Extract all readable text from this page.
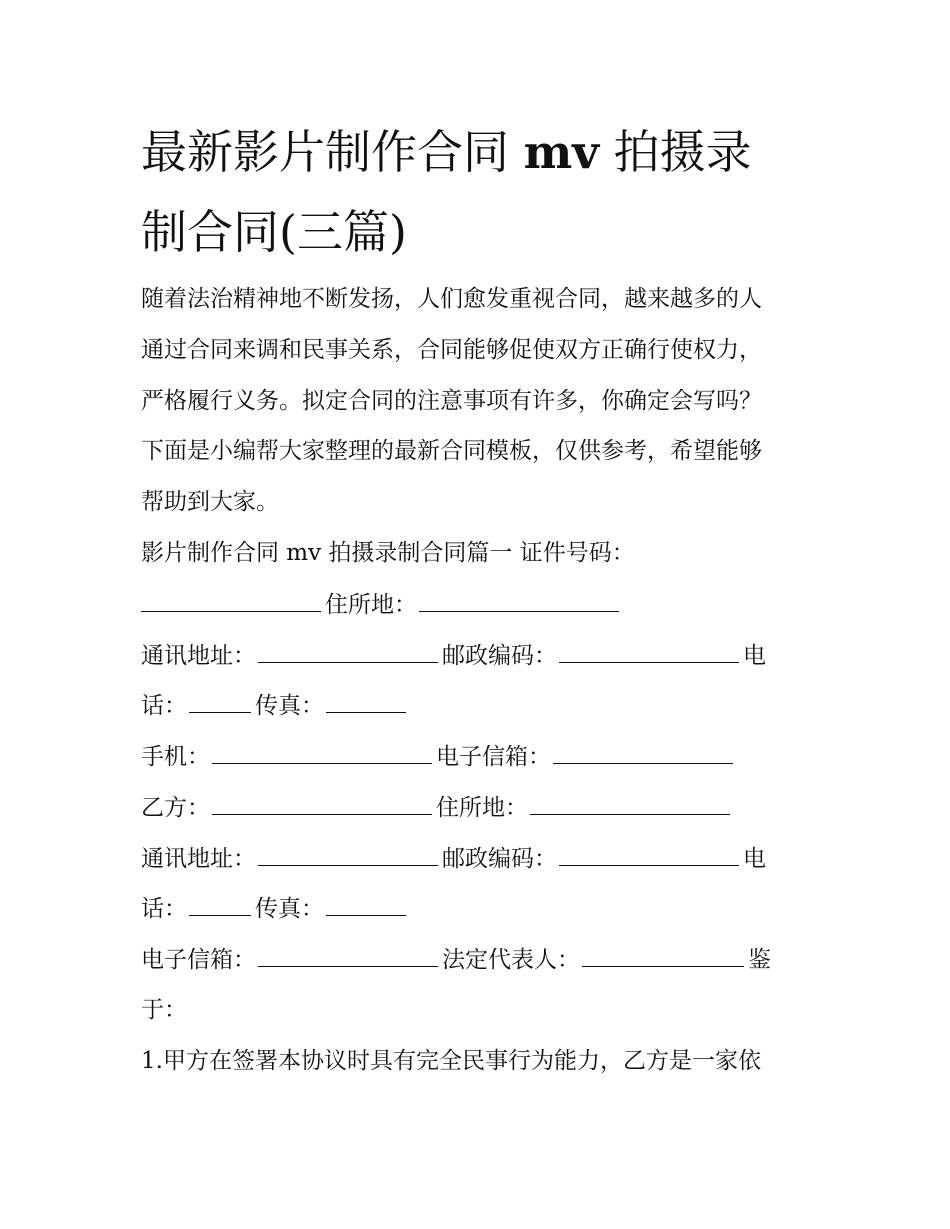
最新影片制作合同 mv 拍摄录
制合同(三篇)

随着法治精神地不断发扬，人们愈发重视合同，越来越多的人

通过合同来调和民事关系，合同能够促使双方正确行使权力，

严格履行义务。拟定合同的注意事项有许多，你确定会写吗？

下面是小编帮大家整理的最新合同模板，仅供参考，希望能够

帮助到大家。

影片制作合同 mv 拍摄录制合同篇一 证件号码：

住所地：

通讯地址：	邮政编码：	电

话：	传真：

手机：	电子信箱：

乙方：	住所地：

通讯地址：	邮政编码：	电

话：	传真：

电子信箱：	法定代表人：	鉴

于：

1.甲方在签署本协议时具有完全民事行为能力，乙方是一家依
